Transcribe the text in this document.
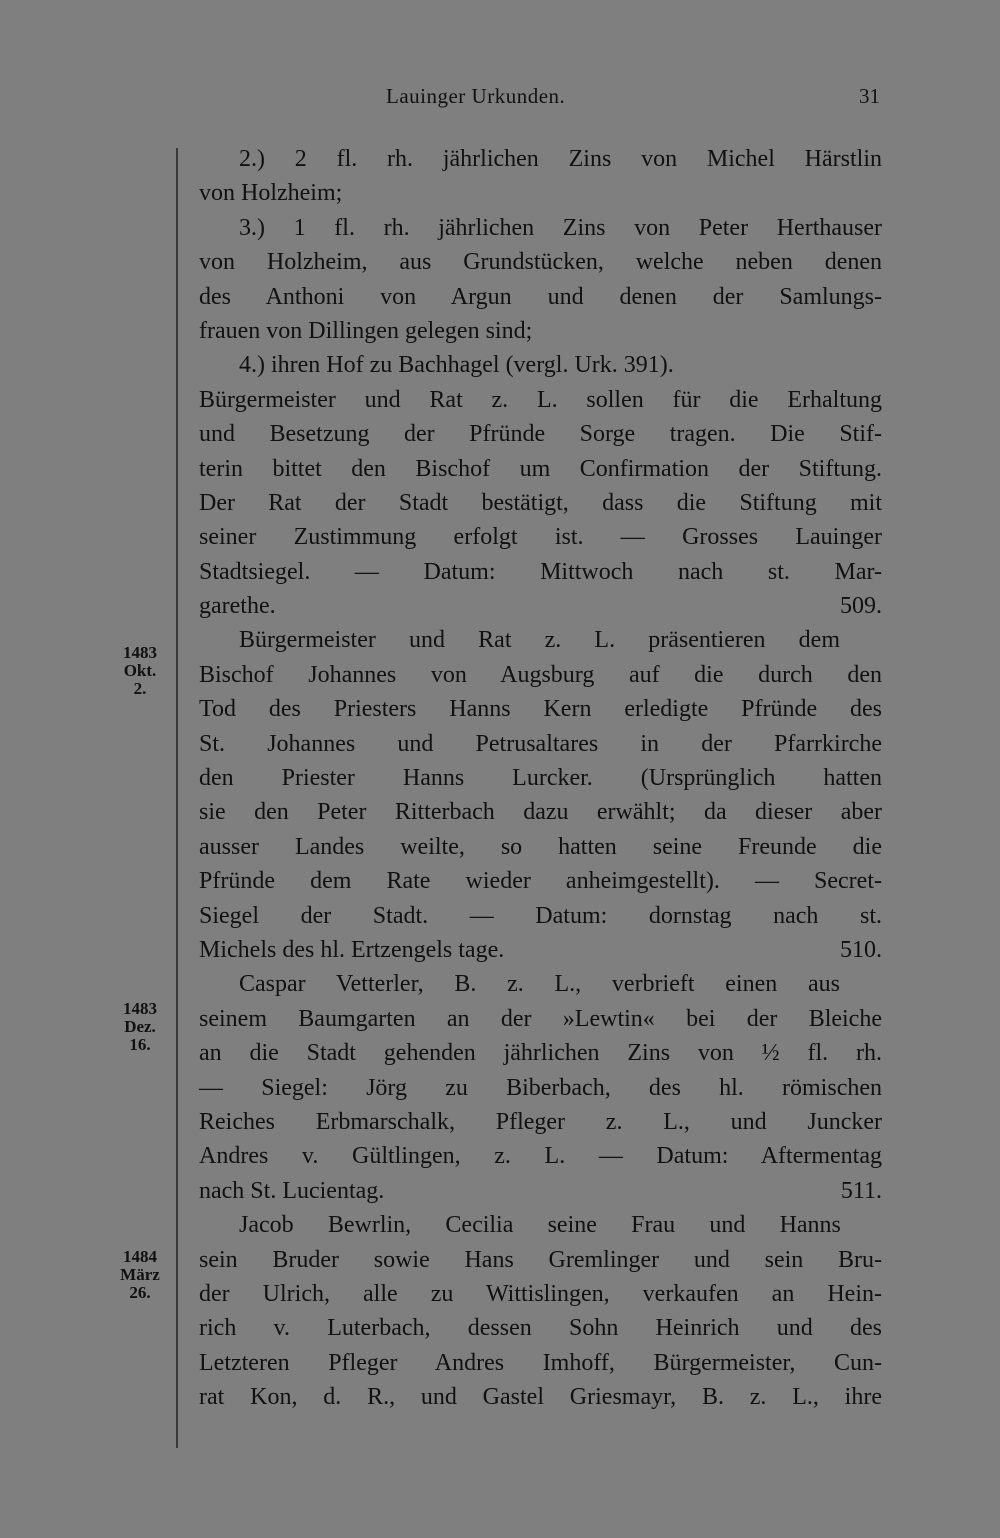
Lauinger Urkunden.	31
1483
Okt.
2.
1483
Dez.
16.
1484
März
26.
2.) 2 fl. rh. jährlichen Zins von Michel Härstlin
von Holzheim;
3.) 1 fl. rh. jährlichen Zins von Peter Herthauser
von Holzheim, aus Grundstücken, welche neben denen
des Anthoni von Argun und denen der Samlungs-
frauen von Dillingen gelegen sind;
4.) ihren Hof zu Bachhagel (vergl. Urk. 391).
Bürgermeister und Rat z. L. sollen für die Erhaltung
und Besetzung der Pfründe Sorge tragen. Die Stif-
terin bittet den Bischof um Confirmation der Stiftung.
Der Rat der Stadt bestätigt, dass die Stiftung mit
seiner Zustimmung erfolgt ist. — Grosses Lauinger
Stadtsiegel. — Datum: Mittwoch nach st. Mar-
garethe.	509.
Bürgermeister und Rat z. L. präsentieren dem
Bischof Johannes von Augsburg auf die durch den
Tod des Priesters Hanns Kern erledigte Pfründe des
St. Johannes und Petrusaltares in der Pfarrkirche
den Priester Hanns Lurcker. (Ursprünglich hatten
sie den Peter Ritterbach dazu erwählt; da dieser aber
ausser Landes weilte, so hatten seine Freunde die
Pfründe dem Rate wieder anheimgestellt). — Secret-
Siegel der Stadt. — Datum: dornstag nach st.
Michels des hl. Ertzengels tage.	510.
Caspar Vetterler, B. z. L., verbrieft einen aus
seinem Baumgarten an der »Lewtin« bei der Bleiche
an die Stadt gehenden jährlichen Zins von ½ fl. rh.
— Siegel: Jörg zu Biberbach, des hl. römischen
Reiches Erbmarschalk, Pfleger z. L., und Juncker
Andres v. Gültlingen, z. L. — Datum: Aftermentag
nach St. Lucientag.	511.
Jacob Bewrlin, Cecilia seine Frau und Hanns
sein Bruder sowie Hans Gremlinger und sein Bru-
der Ulrich, alle zu Wittislingen, verkaufen an Hein-
rich v. Luterbach, dessen Sohn Heinrich und des
Letzteren Pfleger Andres Imhoff, Bürgermeister, Cun-
rat Kon, d. R., und Gastel Griesmayr, B. z. L., ihre
